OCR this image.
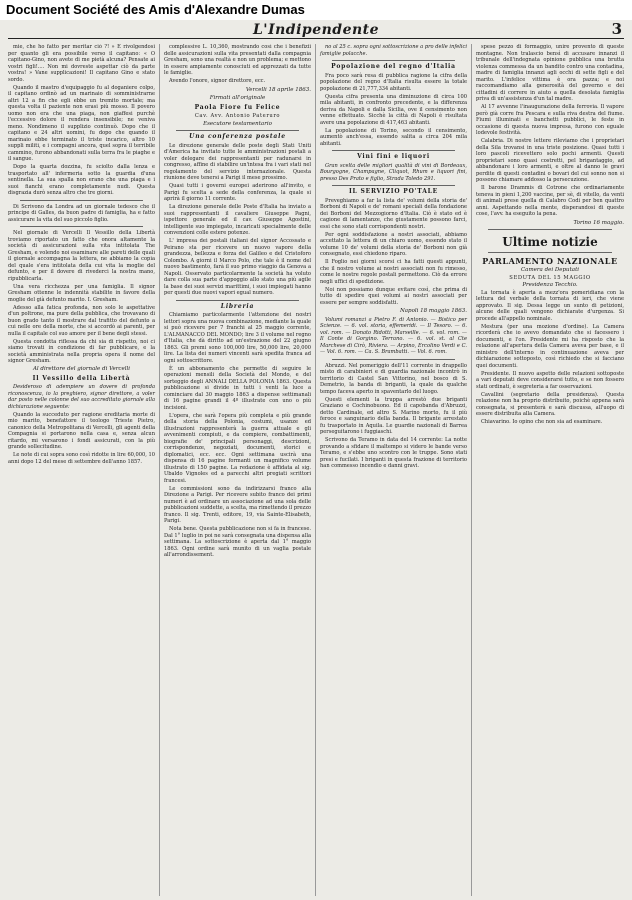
Document Société des Amis d'Alexandre Dumas
L'Indipendente	3

mie, che ho fatto per meritar ciò ?! » E rivolgendosi per quanto gli era possibile verso il capitano: « O capitano-Gino, non avete di me pietà alcuna? Pensate ai vostri figli!.... Non mi dovreste aspettar ciò da parte vostra! » Vane supplicazioni! Il capitano Gino e stato sordo.

Quando il mastro d'equipaggio fu al doganiere colpo, il capitano ordinò ad un marinaio di somministrarne altri 12 a fin che egli ebbe un tremito mortale; ma questa volta il paziente non erasi più mosso. Il povero uomo non era che una piaga, non giaffesi purchè l'eccessivo dolore il rendera insensibile; ne veniva meno. Nondimeno il supplizio continuò. Dopo che il capitano e 24 altri uomini, fu dopo che quando il marinaio ebbe terminato il triste incarico, altro 10 suppli militi, e i compagni ancora, quel sopra il terribile cammino, furono abbandonati sulla terra fra le piaghe e il sangue.

Dopo la quarta dozzina, fu sciolto dalla lenza e trasportato all' infermeria sotto la guardia d'una sentinella. La sua spalla non erano che una piaga e i suoi fianchi erano completamente nudi. Questa disgrazia durò senza altro che tre giorni.

Di Scrivono da Londra ad un giornale tedesco che il principe di Galles, da buon padre di famiglia, ha e fatto assicurare la vita del suo piccolo figlio.

Nel giornale di Vercelli Il Vessillo della Libertà troviamo riportato un fatto che onora altamente la società di assicurazioni sulla vita intitolata The Gresham, e volendo noi esaminare alle pareti delle quali il giornale accompagna la lettera, ne abbiamo la copia del quale s'era intitolata della cui vita la moglie del defunto, e per il dovere di rivederci la nostra mano, ripubblicarla.

Una vera ricchezza per una famiglia. Il signor Gresham ottenne le indennità stabilite in favore della moglie del già defunto marito. I. Gresham.

Adesso alla fatica profonda, non solo le aspettative d'un poltrone, ma pure della pubblica, che trovavano di buon grado tanto il mostrare dal trafitto del defunto a cui nelle ore della morte, che si accordò ai parenti, per nulla il capitale col suo amore per il bene degli stessi.

Questa condotta riflessa da chi sia di rispetto, noi ci siamo trovati in condizione di far pubblicare, e la società amministrata nella propria opera il nome del signor Gresham.

Al direttore del giornale di Vercelli
Il Vessillo della Libertà

Desideroso di adempiere un dovere di profonda riconoscenza, io la preghiero, signor direttore, a voler dar posto nelle colonne del suo accreditato giornale alla dichiarazione seguente:

Quando la succeduto per ragione ereditaria morte di mio marito, benefattore il teologo Trieste Pietro, canonico della Metropolitana di Vercelli, gli agenti della Compagnia si portarono nella casa e, senza alcun ritardo, mi versarono i fondi assicurati, con la più grande sollecitudine.

Le note di cui sopra sono così ridotte in lire 60,000, 10 anni dopo 12 del mese di settembre dell'anno 1857.

complessive L. 10,360, mostrando così che i benefizii delle assicurazioni sulla vita presentati dalla compagnia Gresham, sono una realtà e non un problema; e mettono in essere ampiamente conosciuti ed apprezzati da tutte le famiglie.

Avendo l'onore, signor direttore, ecc.

Vercelli 18 aprile 1863.
Firmati all'originale
Paola Fiore fu Felice
Cav. Avv. Antonio Pateruro
Esecutore testamentario
Una conferenza postale

Le direzione generale delle poste degli Stati Uniti d'America ha invitato tutte le amministrazioni postali a voler delegare dei rappresentanti per radunarsi in congresso, affine di stabilire un'intesa fra i vari stati nel regolamento del servizio internazionale. Questa riunione deve tenersi a Parigi il mese prossimo.

Quasi tutti i governi europei aderirono all'invito, e Parigi fu scelta a sede della conferenza, la quale si aprirà il giorno 11 corrente.

La direzione generale delle Poste d'Italia ha inviato a suoi rappresentanti il cavaliere Giuseppe Pagni, ispettore generale ed il cav. Giuseppe Agostini, intelligente suo impiegato, incaricati specialmente delle convenzioni colle estere potenze.

L' impresa dei postali italiani del signor Accossato e Peirano sta per ricevere un nuovo vapore della grandezza, bellezza e forza del Galileo e del Cristoforo Colombo. A giorni il Marco Polo, che tale è il nome del nuovo bastimento, farà il suo primo viaggio da Genova a Napoli. Osservato particolarmente la società ha voluto dare colla sua parte d'appoggio allo stato una più agile la base dei suoi servizi marittimi, i suoi impiegati hanno per questi due nuovi vapori egual numero.

Libreria

Chiamiamo particolarmente l'attenzione dei nostri lettori sopra una nuova combinazione, mediante la quale si può ricevere per 7 franchi al 25 maggio corrente, L'ALMANACCO DEL MONDO; lire 3 il volume nel regno d'Italia, che dà diritto ad un'estrazione del 22 giugno 1863. Gli premi sono 100,000 lire, 50,000 lire, 20,000 lire. La lista dei numeri vincenti sarà spedita franca ad ogni sottoscrittore.

È un abbonamento che permette di seguire le operazioni mensili della Società del Mondo, e del sorteggio degli ANNALI DELLA POLONIA 1863. Questa pubblicazione si divide in tutti i venti la luce a cominciare dal 30 maggio 1863 a dispense settimanali di 16 pagine grandi il 4º illustrate con uno o più incisioni.

L'opera, che sarà l'opera più completa e più grande della storia della Polonia, costumi, usanze ed illustrazioni rappresenterà la guerra attuale e gli avvenimenti compiuti, e da compiere, combattimenti, biografie de' principali personaggi, descrizioni, corrispondenze, negoziati, documenti, storici e diplomatici, ecc. ecc. Ogni settimana uscirà una dispensa di 16 pagine formanti un magnifico volume illustrato di 150 pagine. La redazione è affidata al sig. Ubaldo Vignoles ed a parecchi altri pregiati scrittori francesi.

Le commissioni sono da indirizzarsi franco alla Direzione a Parigi. Per ricevere subito franco dei primi numeri è ad ordinare un associazione ad una sola delle pubblicazioni suddette, a scelta, ma rimettendo il prezzo franco. Il sig. Trenti, editore, 19, via Sainte-Elisabeth, Parigi.

Nota bene. Questa pubblicazione non si fa in francese. Dal 1° luglio in poi ne sarà consegnata una dispensa alla settimana. La sottoscrizione è aperta dal 1° maggio 1863. Ogni ordine sarà munito di un vaglia postale all'arrondissement.

no al 25 c. sopra ogni sottoscrizione a pro delle infelici famiglie polacche.

Popolazione del regno d'Italia

Fra poco sarà resa di pubblica ragione la cifra della popolazione del regno d'Italia risulta essere la totale popolazione di 21,777,334 abitanti.

Questa cifra presenta una diminuzione di circa 100 mila abitanti, in confronto precedente, e la differenza deriva da Napoli e dalla Sicilia, ove il censimento non venne effettuato. Sicchè la città di Napoli è risultata avere una popolazione di 417,463 abitanti.

La popolazione di Torino, secondo il censimento, aumentò anch'essa, essendo salita a circa 204 mila abitanti.

Vini fini e liquori

Gran scelta delle migliori qualità di vini di Bordeaux, Bourgogne, Champagne, Cliquot, Rhum e liquori fini, presso Des Prato e figlio, Strada Toledo 291.

IL SERVIZIO PO'TALE

Preveghiamo a far la lista de' volumi della storia de' Borboni di Napoli e de' romani speciali della fondazione dei Borboni del Mezzogiorno d'Italia. Ciò è stato ed è cagione di lamentanze, che giustamente possono farci, essi che sono stati corrispondenti nostri.

Per ogni soddisfazione a nostri associati, abbiamo accettato la lettera di un chiaro uomo, essendo stato il volume 10 de' volumi della storia de' Borboni non già consegnato, essi chiedono riparo.

Il Foglio nei giorni scorsi ci ha fatti questi appunti, che il nostro volume ai nostri associati non fu rimesso, come le nostre regole postali permettono. Ciò da errore negli uffici di spedizione.

Noi non possiamo dunque evitare così, che prima di tutto di spedire quei volumi ai nostri associati per essere per sempre soddisfatti.

Napoli 18 maggio 1863.

Volumi romanzi a Pietro F. di Antonio. — Bistico per Scienze. — 6. vol. storia, effemeridi. — Il Tesoro. — 6. vol. rom. — Donato Ridotti, Marseille. — 6. vol. rom. — Il Conte di Gorgino. Terrano. — 6. vol. st. al Cte Marchese di Cirò, Riviera. — Arpino, Ercolino Verdi e C. — Vol. 6. rom. — Ca. S. Brambatti. — Vol. 6. rom.

Abruzzi. Nel pomeriggio dell'11 corrente in drappello misto di carabinieri e di guardia nazionale incontrò in territorio di Castel San Vittorino, nel bosco di S. Demetrio, la banda di briganti, la quale da qualche tempo faceva aperto in spaventarlo del luogo.

Questi elementi la truppa arrestò due briganti Graziano e Cochinobuono. Ed il capobanda d'Abruzzi, detto Cardinale, ed altro S. Marino morto, fu il più feroce e sanguinario della banda. Il brigante arrestato fu trasportato in Aquila. Le guardie nazionali di Barrea perseguitarono i fuggiaschi.

Scrivono da Teramo in data del 14 corrente: La notte provando a sfidare il maltempo si videro le bande verso Teramo, e s'ebbe uno scontro con le truppe. Sono stati presi e fucilati. I briganti in questa frazione di territorio han commesso incendio e danni gravi.

spese pezzo di formaggio, unire provento di queste montagne. Non tralascio bensì di accusare innanzi il tribunale dell'indegnata opinione pubblica una brutta violenza commessa da un bandito contro una contadina, madre di famiglia innanzi agli occhi di sette figli e del marito. L'infelice vittima è ora pazza; e noi raccomandiamo alla generosità del governo e dei cittadini di correre in aiuto a quella desolata famiglia priva di un'assistenza d'un tal madre.

Al 17 avvenne l'inaugurazione della ferrovia. Il vapore però già corre fra Pescara e sulla riva destra del fiume. Fiumi illuminati e banchetti pubblici, le feste in occasione di questa nuova impresa, furono con eguale lodevole festività.

Calabria. Di nostre lettere rileviamo che i proprietari della Sila trovansi in una triste posizione. Quasi tutti i loro pascoli ricevettero solo pochi armenti. Questi proprietari sono quasi costretti, pel brigantaggio, ad abbandonare i loro armenti, e oltre al danno le gravi perdite di questi contadini o bovari del cui sonno non si possono chiamare addosso la persecuzione.

Il barone Drammis di Cotrone che ordinariamente teneva in pieni 1,200 vaccine, per sè, di vitello, da venti di animali prese quella di Calabro Codi per ben quattro anni. Aspettando nella mente, disperandosi di queste cose, l'avv. ha eseguito la pena.

Torino 16 maggio.
Ultime notizie
PARLAMENTO NAZIONALE
Camera dei Deputati
SEDUTA DEL 15 MAGGIO
Presidenza Tecchio.

La tornata è aperta a mezz'ora pomeridiana con la lettura del verbale della tornata di ieri, che viene approvato. Il sig. Dessa legge un sunto di petizioni, alcune delle quali vengono dichiarate d'urgenza. Si procede all'appello nominale.

Mestura (per una mozione d'ordine). La Camera ricorderà che io avevo domandato che si facessero i documenti, e l'on. Presidente mi ha risposto che la relazione all'apertura della Camera aveva per base, e il ministro dell'interno in continuazione aveva per dichiarazione sottoposto, così richiedo che si facciano quei documenti.

Presidente. Il nuovo aspetto delle relazioni sottoposte a vari deputati deve considerarsi tutto, e se non fossero stati ordinati, è segreteria a far osservazioni.

Cavallini (segretario della presidenza). Questa relazione non ha proprio distribuito, poichè appena sarà consegnata, si presenterà e sarà discussa, all'uopo di essere distribuita alla Camera.

Chiavarino. Io opino che non sia ad esaminare.
